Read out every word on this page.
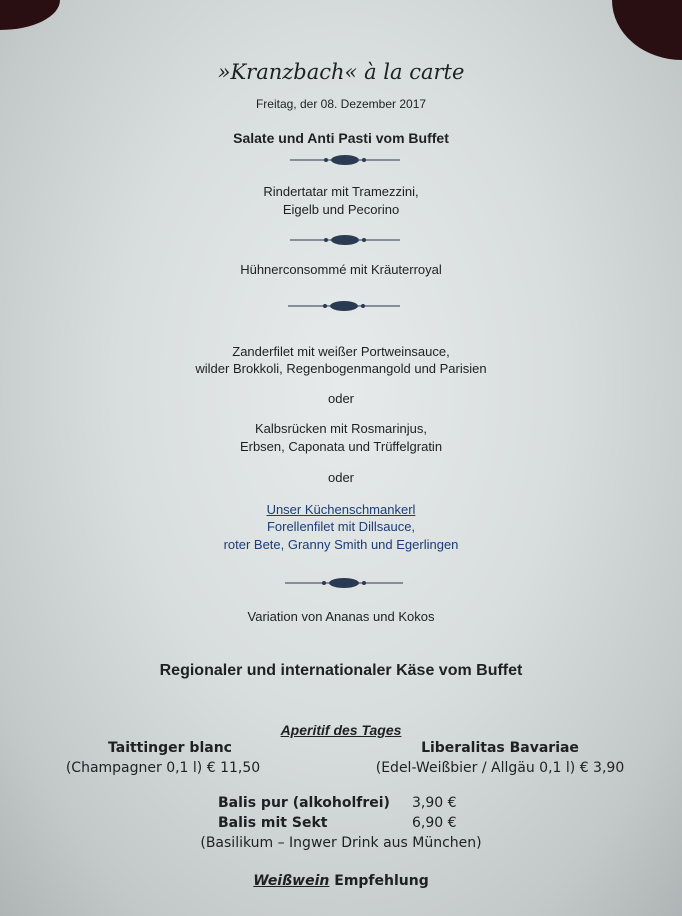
»Kranzbach« à la carte
Freitag, der 08. Dezember 2017
Salate und Anti Pasti vom Buffet
Rindertatar mit Tramezzini,
Eigelb und Pecorino
Hühnerconsommé mit Kräuterroyal
Zanderfilet mit weißer Portweinsauce,
wilder Brokkoli, Regenbogenmangold und Parisien
oder
Kalbsrücken mit Rosmarinjus,
Erbsen, Caponata und Trüffelgratin
oder
Unser Küchenschmankerl
Forellenfilet mit Dillsauce,
roter Bete, Granny Smith und Egerlingen
Variation von Ananas und Kokos
Regionaler und internationaler Käse vom Buffet
Aperitif des Tages
Taittinger blanc
(Champagner 0,1 l) € 11,50
Liberalitas Bavariae
(Edel-Weißbier / Allgäu 0,1 l) € 3,90
Balis pur (alkoholfrei) 3,90 €
Balis mit Sekt	6,90 €
(Basilikum – Ingwer Drink aus München)
Weißwein Empfehlung
